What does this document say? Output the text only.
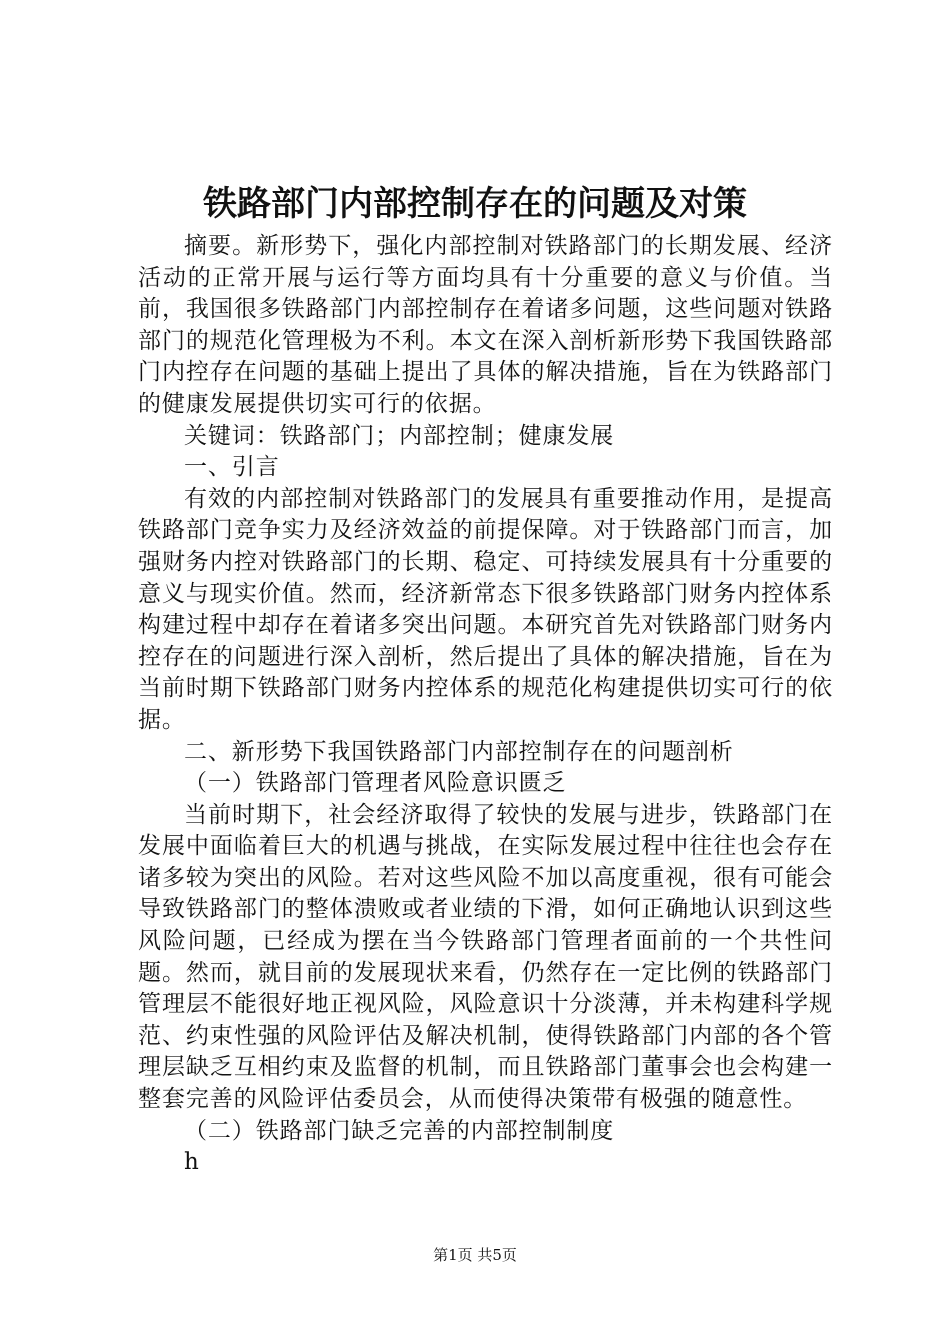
铁路部门内部控制存在的问题及对策

摘要。新形势下，强化内部控制对铁路部门的长期发展、经济活动的正常开展与运行等方面均具有十分重要的意义与价值。当前，我国很多铁路部门内部控制存在着诸多问题，这些问题对铁路部门的规范化管理极为不利。本文在深入剖析新形势下我国铁路部门内控存在问题的基础上提出了具体的解决措施，旨在为铁路部门的健康发展提供切实可行的依据。

关键词：铁路部门；内部控制；健康发展

一、引言

有效的内部控制对铁路部门的发展具有重要推动作用，是提高铁路部门竞争实力及经济效益的前提保障。对于铁路部门而言，加强财务内控对铁路部门的长期、稳定、可持续发展具有十分重要的意义与现实价值。然而，经济新常态下很多铁路部门财务内控体系构建过程中却存在着诸多突出问题。本研究首先对铁路部门财务内控存在的问题进行深入剖析，然后提出了具体的解决措施，旨在为当前时期下铁路部门财务内控体系的规范化构建提供切实可行的依据。

二、新形势下我国铁路部门内部控制存在的问题剖析

（一）铁路部门管理者风险意识匮乏

当前时期下，社会经济取得了较快的发展与进步，铁路部门在发展中面临着巨大的机遇与挑战，在实际发展过程中往往也会存在诸多较为突出的风险。若对这些风险不加以高度重视，很有可能会导致铁路部门的整体溃败或者业绩的下滑，如何正确地认识到这些风险问题，已经成为摆在当今铁路部门管理者面前的一个共性问题。然而，就目前的发展现状来看，仍然存在一定比例的铁路部门管理层不能很好地正视风险，风险意识十分淡薄，并未构建科学规范、约束性强的风险评估及解决机制，使得铁路部门内部的各个管理层缺乏互相约束及监督的机制，而且铁路部门董事会也会构建一整套完善的风险评估委员会，从而使得决策带有极强的随意性。

（二）铁路部门缺乏完善的内部控制制度

h

第1页 共5页
